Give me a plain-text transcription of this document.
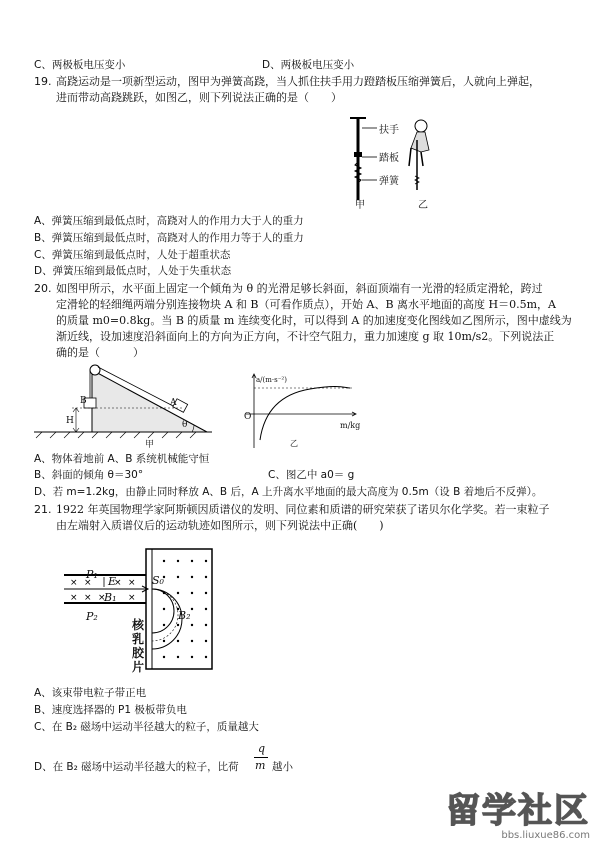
C、两极板电压变小	D、两极板电压变小
19. 高跷运动是一项新型运动，图甲为弹簧高跷，当人抓住扶手用力蹬踏板压缩弹簧后，人就向上弹起，
进而带动高跷跳跃，如图乙，则下列说法正确的是（　　）
扶手
踏板
弹簧
甲	乙
A、弹簧压缩到最低点时，高跷对人的作用力大于人的重力
B、弹簧压缩到最低点时，高跷对人的作用力等于人的重力
C、弹簧压缩到最低点时，人处于超重状态
D、弹簧压缩到最低点时，人处于失重状态
20. 如图甲所示，水平面上固定一个倾角为 θ 的光滑足够长斜面，斜面顶端有一光滑的轻质定滑轮，跨过
定滑轮的轻细绳两端分别连接物块 A 和 B（可看作质点），开始 A、B 离水平地面的高度 H＝0.5m，A
的质量 m0=0.8kg。当 B 的质量 m 连续变化时，可以得到 A 的加速度变化图线如乙图所示，图中虚线为
渐近线，设加速度沿斜面向上的方向为正方向，不计空气阻力，重力加速度 g 取 10m/s2。下列说法正
确的是（　　　）
B	A
H	θ
甲
a/(m·s⁻²)
O
m/kg
乙
A、物体着地前 A、B 系统机械能守恒
B、斜面的倾角 θ＝30°	C、图乙中 a0＝ g
D、若 m=1.2kg，由静止同时释放 A、B 后，A 上升离水平地面的最大高度为 0.5m（设 B 着地后不反弹）。
21. 1922 年英国物理学家阿斯顿因质谱仪的发明、同位素和质谱的研究荣获了诺贝尔化学奖。若一束粒子
由左端射入质谱仪后的运动轨迹如图所示，则下列说法中正确(　　)
× × × ×
× × × ×
P₁
P₂
E
B₁
S₀
B₂
核乳胶片
A、该束带电粒子带正电
B、速度选择器的 P1 极板带负电
C、在 B₂ 磁场中运动半径越大的粒子，质量越大
D、在 B₂ 磁场中运动半径越大的粒子，比荷
q
m 越小
留学社区
bbs.liuxue86.com
